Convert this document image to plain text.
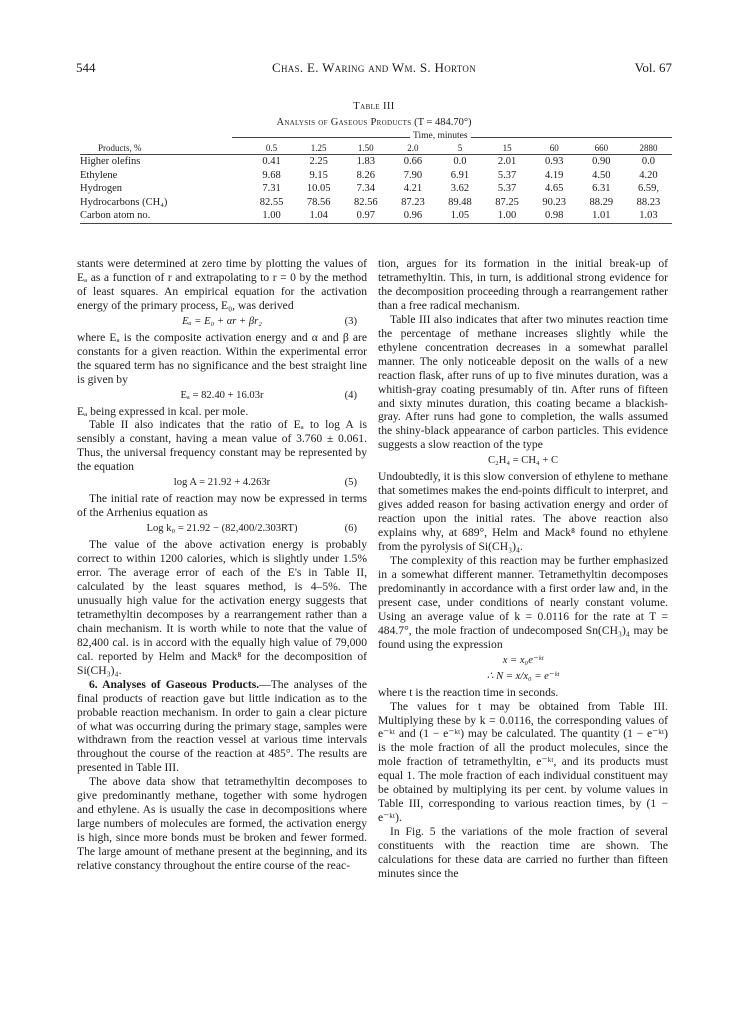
544	Chas. E. Waring and Wm. S. Horton	Vol. 67
Table III
Analysis of Gaseous Products (T = 484.70°)
Time, minutes
Products, %	0.5	1.25	1.50	2.0	5	15	60	660	2880
Higher olefins	0.41	2.25	1.83	0.66	0.0	2.01	0.93	0.90	0.0
Ethylene	9.68	9.15	8.26	7.90	6.91	5.37	4.19	4.50	4.20
Hydrogen	7.31	10.05	7.34	4.21	3.62	5.37	4.65	6.31	6.59,
Hydrocarbons (CH₄)	82.55	78.56	82.56	87.23	89.48	87.25	90.23	88.29	88.23
Carbon atom no.	1.00	1.04	0.97	0.96	1.05	1.00	0.98	1.01	1.03

stants were determined at zero time by plotting the values of Eₐ as a function of r and extrapolating to r = 0 by the method of least squares. An empirical equation for the activation energy of the primary process, E₀, was derived

Eₐ = E₀ + αr + βr₂	(3)

where Eₐ is the composite activation energy and α and β are constants for a given reaction. Within the experimental error the squared term has no significance and the best straight line is given by

Eₐ = 82.40 + 16.03r	(4)

Eₐ being expressed in kcal. per mole.

Table II also indicates that the ratio of Eₐ to log A is sensibly a constant, having a mean value of 3.760 ± 0.061. Thus, the universal frequency constant may be represented by the equation

log A = 21.92 + 4.263r	(5)

The initial rate of reaction may now be expressed in terms of the Arrhenius equation as

Log k₀ = 21.92 − (82,400/2.303RT)	(6)

The value of the above activation energy is probably correct to within 1200 calories, which is slightly under 1.5% error. The average error of each of the E's in Table II, calculated by the least squares method, is 4–5%. The unusually high value for the activation energy suggests that tetramethyltin decomposes by a rearrangement rather than a chain mechanism. It is worth while to note that the value of 82,400 cal. is in accord with the equally high value of 79,000 cal. reported by Helm and Mack⁸ for the decomposition of Si(CH₃)₄.

6. Analyses of Gaseous Products.—The analyses of the final products of reaction gave but little indication as to the probable reaction mechanism. In order to gain a clear picture of what was occurring during the primary stage, samples were withdrawn from the reaction vessel at various time intervals throughout the course of the reaction at 485°. The results are presented in Table III.

The above data show that tetramethyltin decomposes to give predominantly methane, together with some hydrogen and ethylene. As is usually the case in decompositions where large numbers of molecules are formed, the activation energy is high, since more bonds must be broken and fewer formed. The large amount of methane present at the beginning, and its relative constancy throughout the entire course of the reac-

tion, argues for its formation in the initial break-up of tetramethyltin. This, in turn, is additional strong evidence for the decomposition proceeding through a rearrangement rather than a free radical mechanism.

Table III also indicates that after two minutes reaction time the percentage of methane increases slightly while the ethylene concentration decreases in a somewhat parallel manner. The only noticeable deposit on the walls of a new reaction flask, after runs of up to five minutes duration, was a whitish-gray coating presumably of tin. After runs of fifteen and sixty minutes duration, this coating became a blackish-gray. After runs had gone to completion, the walls assumed the shiny-black appearance of carbon particles. This evidence suggests a slow reaction of the type

C₂H₄ = CH₄ + C

Undoubtedly, it is this slow conversion of ethylene to methane that sometimes makes the end-points difficult to interpret, and gives added reason for basing activation energy and order of reaction upon the initial rates. The above reaction also explains why, at 689°, Helm and Mack⁸ found no ethylene from the pyrolysis of Si(CH₃)₄.

The complexity of this reaction may be further emphasized in a somewhat different manner. Tetramethyltin decomposes predominantly in accordance with a first order law and, in the present case, under conditions of nearly constant volume. Using an average value of k = 0.0116 for the rate at T = 484.7°, the mole fraction of undecomposed Sn(CH₃)₄ may be found using the expression

x = x₀e⁻ᵏᵗ
∴ N = x/x₀ = e⁻ᵏᵗ

where t is the reaction time in seconds.

The values for t may be obtained from Table III. Multiplying these by k = 0.0116, the corresponding values of e⁻ᵏᵗ and (1 − e⁻ᵏᵗ) may be calculated. The quantity (1 − e⁻ᵏᵗ) is the mole fraction of all the product molecules, since the mole fraction of tetramethyltin, e⁻ᵏᵗ, and its products must equal 1. The mole fraction of each individual constituent may be obtained by multiplying its per cent. by volume values in Table III, corresponding to various reaction times, by (1 − e⁻ᵏᵗ).

In Fig. 5 the variations of the mole fraction of several constituents with the reaction time are shown. The calculations for these data are carried no further than fifteen minutes since the
